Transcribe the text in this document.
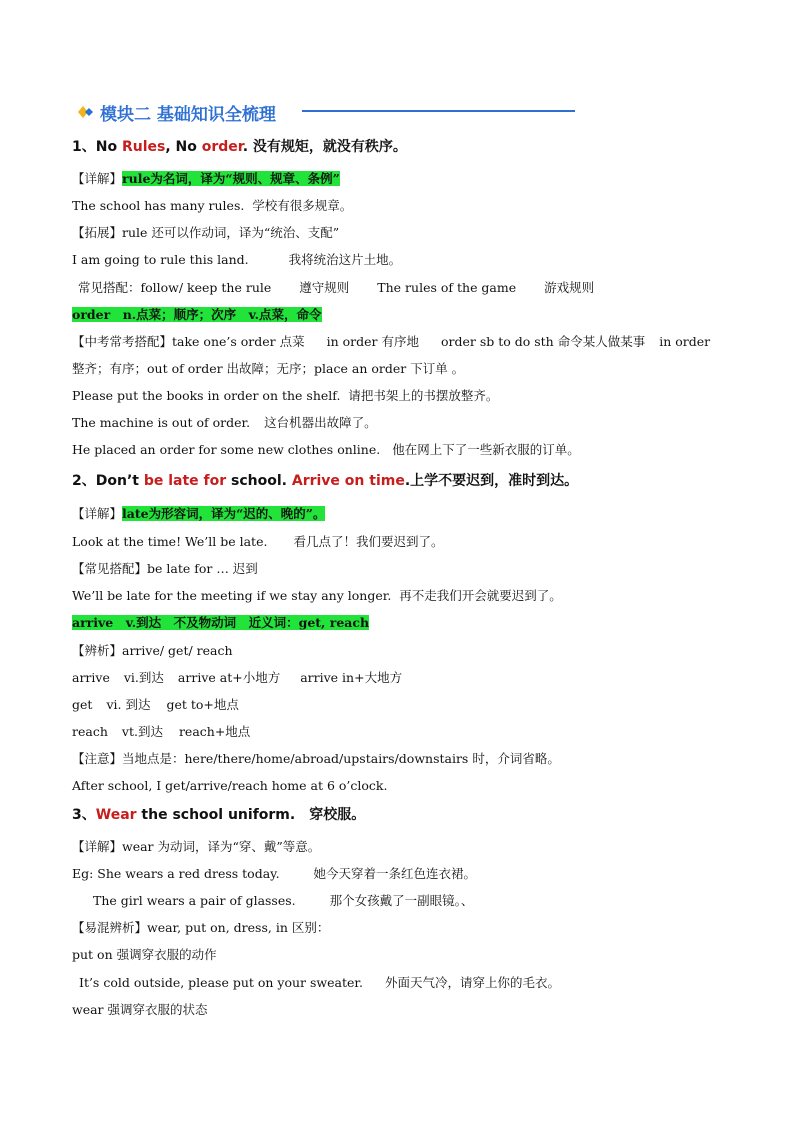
模块二 基础知识全梳理
1、No Rules, No order. 没有规矩，就没有秩序。
【详解】rule为名词，译为“规则、规章、条例”
The school has many rules. 学校有很多规章。
【拓展】rule 还可以作动词，译为“统治、支配”
I am going to rule this land.	我将统治这片土地。
常见搭配：follow/ keep the rule 遵守规则 The rules of the game 游戏规则
order　n.点菜；顺序；次序　v.点菜，命令
【中考常考搭配】take one’s order 点菜 in order 有序地 order sb to do sth 命令某人做某事 in order
整齐；有序；out of order 出故障；无序；place an order 下订单 。
Please put the books in order on the shelf. 请把书架上的书摆放整齐。
The machine is out of order. 这台机器出故障了。
He placed an order for some new clothes online. 他在网上下了一些新衣服的订单。
2、Don’t be late for school. Arrive on time.上学不要迟到，准时到达。
【详解】late为形容词，译为“迟的、晚的”。
Look at the time! We’ll be late. 看几点了！我们要迟到了。
【常见搭配】be late for … 迟到
We’ll be late for the meeting if we stay any longer. 再不走我们开会就要迟到了。
arrive　v.到达　不及物动词　近义词：get, reach
【辨析】arrive/ get/ reach
arrive vi.到达 arrive at+小地方 arrive in+大地方
get vi. 到达 get to+地点
reach vt.到达 reach+地点
【注意】当地点是：here/there/home/abroad/upstairs/downstairs 时，介词省略。
After school, I get/arrive/reach home at 6 o’clock.
3、Wear the school uniform.　穿校服。
【详解】wear 为动词，译为“穿、戴”等意。
Eg: She wears a red dress today.	她今天穿着一条红色连衣裙。
The girl wears a pair of glasses.	那个女孩戴了一副眼镜。、
【易混辨析】wear, put on, dress, in 区别：
put on 强调穿衣服的动作
It’s cold outside, please put on your sweater. 外面天气冷，请穿上你的毛衣。
wear 强调穿衣服的状态
